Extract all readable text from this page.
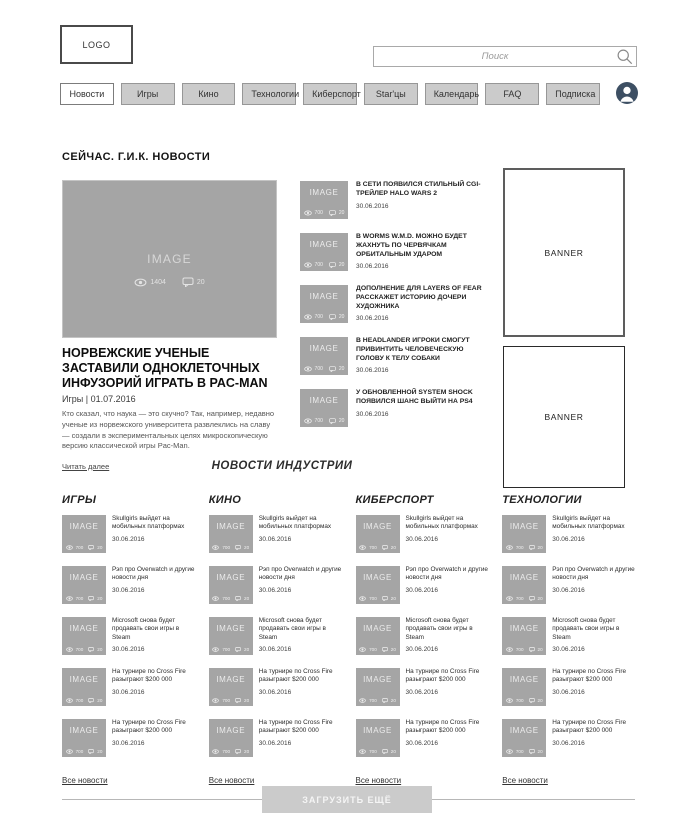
LOGO
Поиск
Новости	Игры	Кино	Технологии	Киберспорт	Star'цы	Календарь	FAQ	Подписка
СЕЙЧАС. Г.И.К. НОВОСТИ
IMAGE
1404	20
НОРВЕЖСКИЕ УЧЕНЫЕ ЗАСТАВИЛИ ОДНОКЛЕТОЧНЫХ ИНФУЗОРИЙ ИГРАТЬ В PAC-MAN
Игры | 01.07.2016

Кто сказал, что наука — это скучно? Так, например, недавно ученые из норвежского университета развлеклись на славу — создали в экспериментальных целях микроскопическую версию классической игры Pac-Man.

Читать далее
IMAGE
700	20
В СЕТИ ПОЯВИЛСЯ СТИЛЬНЫЙ CGI-ТРЕЙЛЕР HALO WARS 2
30.06.2016
IMAGE
700	20
В WORMS W.M.D. МОЖНО БУДЕТ ЖАХНУТЬ ПО ЧЕРВЯЧКАМ ОРБИТАЛЬНЫМ УДАРОМ
30.06.2016
IMAGE
700	20
ДОПОЛНЕНИЕ ДЛЯ LAYERS OF FEAR РАССКАЖЕТ ИСТОРИЮ ДОЧЕРИ ХУДОЖНИКА
30.06.2016
IMAGE
700	20
В HEADLANDER ИГРОКИ СМОГУТ ПРИВИНТИТЬ ЧЕЛОВЕЧЕСКУЮ ГОЛОВУ К ТЕЛУ СОБАКИ
30.06.2016
IMAGE
700	20
У ОБНОВЛЕННОЙ SYSTEM SHOCK ПОЯВИЛСЯ ШАНС ВЫЙТИ НА PS4
30.06.2016
BANNER
BANNER
НОВОСТИ ИНДУСТРИИ
ИГРЫ
IMAGE
700	20
Skullgirls выйдет на мобильных платформах
30.06.2016
IMAGE
700	20
Рэп про Overwatch и другие новости дня
30.06.2016
IMAGE
700	20
Microsoft снова будет продавать свои игры в Steam
30.06.2016
IMAGE
700	20
На турнире по Cross Fire разыграют $200 000
30.06.2016
IMAGE
700	20
На турнире по Cross Fire разыграют $200 000
30.06.2016
Все новости
КИНО
IMAGE
700	20
Skullgirls выйдет на мобильных платформах
30.06.2016
IMAGE
700	20
Рэп про Overwatch и другие новости дня
30.06.2016
IMAGE
700	20
Microsoft снова будет продавать свои игры в Steam
30.06.2016
IMAGE
700	20
На турнире по Cross Fire разыграют $200 000
30.06.2016
IMAGE
700	20
На турнире по Cross Fire разыграют $200 000
30.06.2016
Все новости
КИБЕРСПОРТ
IMAGE
700	20
Skullgirls выйдет на мобильных платформах
30.06.2016
IMAGE
700	20
Рэп про Overwatch и другие новости дня
30.06.2016
IMAGE
700	20
Microsoft снова будет продавать свои игры в Steam
30.06.2016
IMAGE
700	20
На турнире по Cross Fire разыграют $200 000
30.06.2016
IMAGE
700	20
На турнире по Cross Fire разыграют $200 000
30.06.2016
Все новости
ТЕХНОЛОГИИ
IMAGE
700	20
Skullgirls выйдет на мобильных платформах
30.06.2016
IMAGE
700	20
Рэп про Overwatch и другие новости дня
30.06.2016
IMAGE
700	20
Microsoft снова будет продавать свои игры в Steam
30.06.2016
IMAGE
700	20
На турнире по Cross Fire разыграют $200 000
30.06.2016
IMAGE
700	20
На турнире по Cross Fire разыграют $200 000
30.06.2016
Все новости
ЗАГРУЗИТЬ ЕЩЁ
